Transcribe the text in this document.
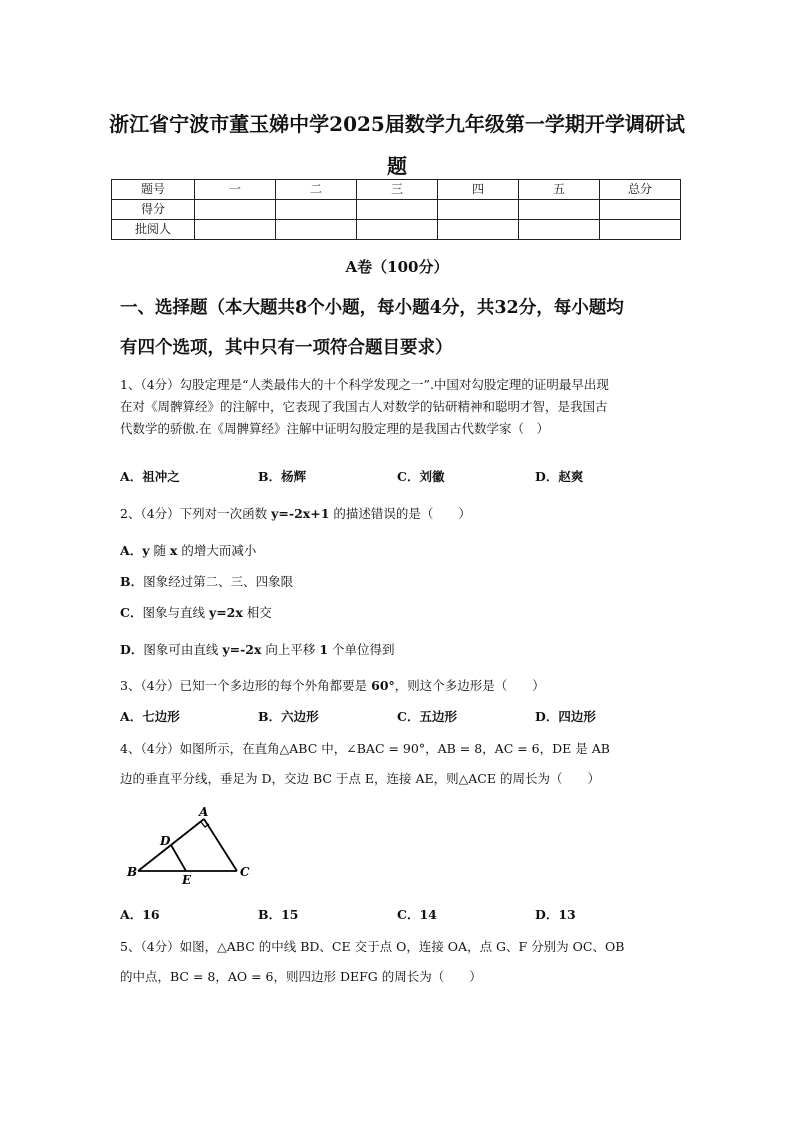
浙江省宁波市董玉娣中学2025届数学九年级第一学期开学调研试
题
题号	一	二	三	四	五	总分
得分						
批阅人						
A卷（100分）
一、选择题（本大题共8个小题，每小题4分，共32分，每小题均
有四个选项，其中只有一项符合题目要求）
1、（4分）勾股定理是“人类最伟大的十个科学发现之一”.中国对勾股定理的证明最早出现
在对《周髀算经》的注解中，它表现了我国古人对数学的钻研精神和聪明才智，是我国古
代数学的骄傲.在《周髀算经》注解中证明勾股定理的是我国古代数学家（　）
A．祖冲之	B．杨辉	C．刘徽	D．赵爽
2、（4分）下列对一次函数 y=-2x+1 的描述错误的是（　　）
A．y 随 x 的增大而减小
B．图象经过第二、三、四象限
C．图象与直线 y=2x 相交
D．图象可由直线 y=-2x 向上平移 1 个单位得到
3、（4分）已知一个多边形的每个外角都要是 60°，则这个多边形是（　　）
A．七边形	B．六边形	C．五边形	D．四边形
4、（4分）如图所示，在直角△ABC 中，∠BAC = 90°，AB = 8，AC = 6，DE 是 AB
边的垂直平分线，垂足为 D，交边 BC 于点 E，连接 AE，则△ACE 的周长为（　　）
A
B	C
D
E
A．16	B．15	C．14	D．13
5、（4分）如图，△ABC 的中线 BD、CE 交于点 O，连接 OA，点 G、F 分别为 OC、OB
的中点，BC = 8，AO = 6，则四边形 DEFG 的周长为（　　）
